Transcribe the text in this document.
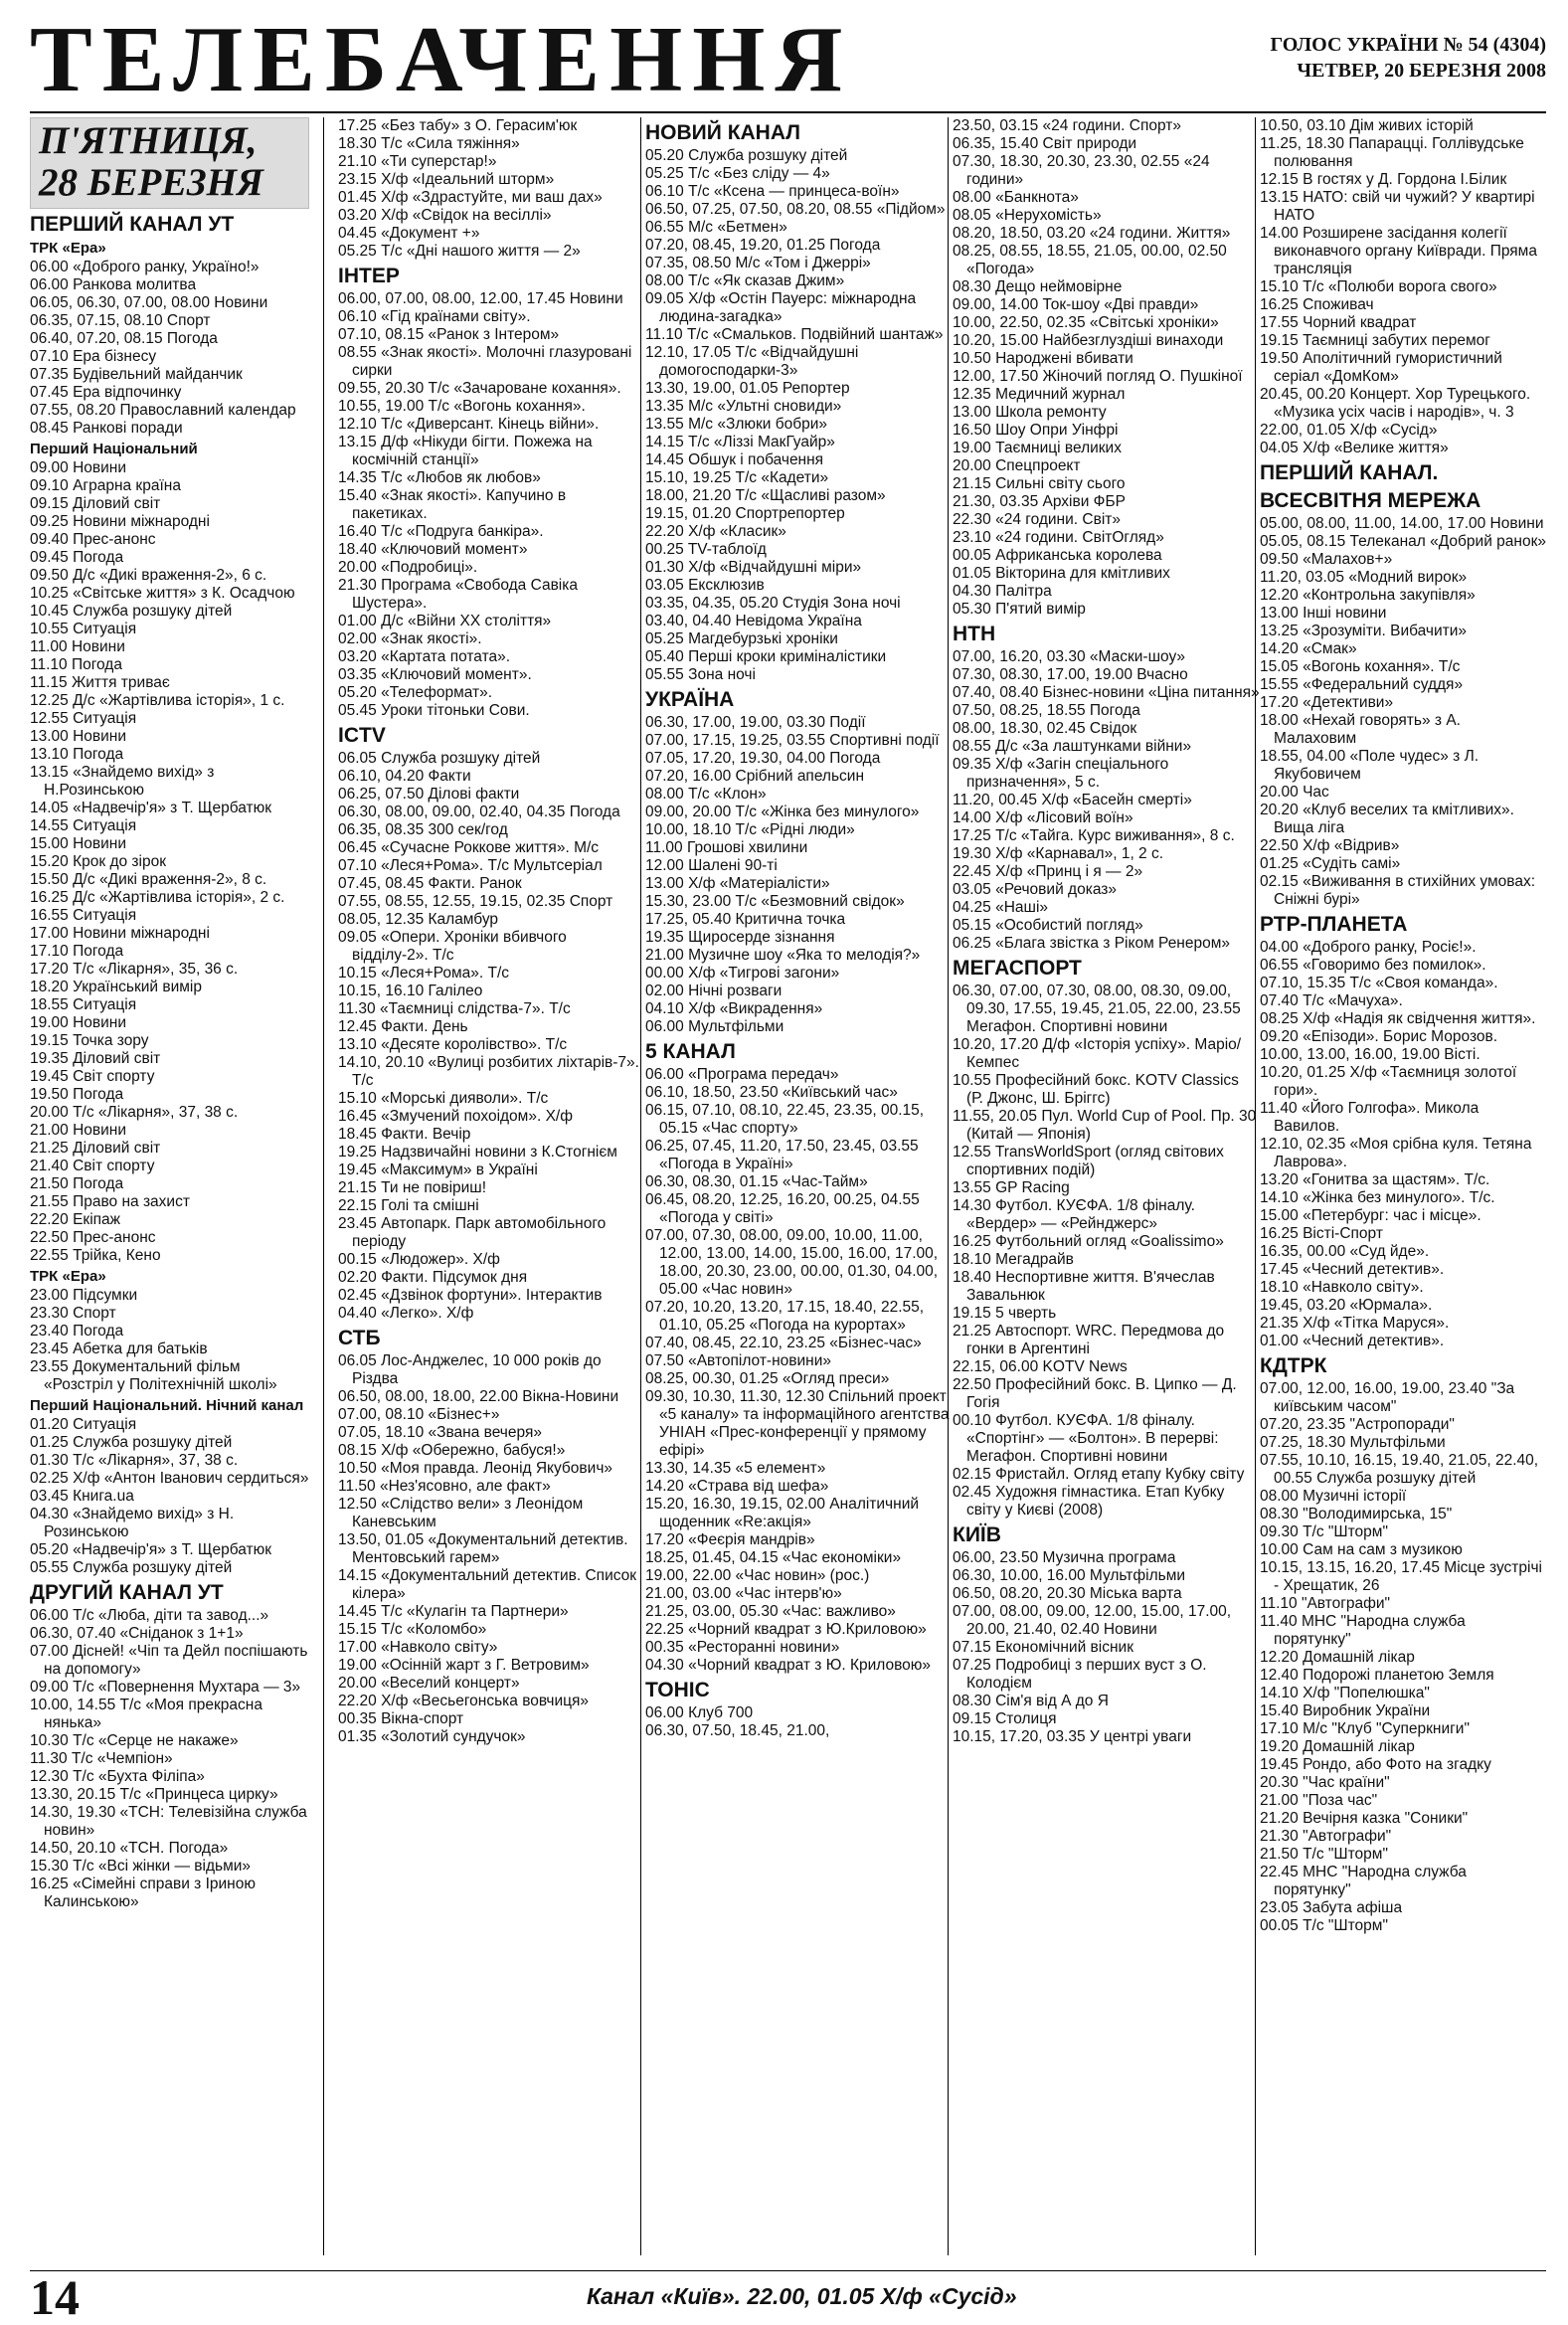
ТЕЛЕБАЧЕННЯ	ГОЛОС УКРАЇНИ № 54 (4304)
ЧЕТВЕР, 20 БЕРЕЗНЯ 2008
П'ЯТНИЦЯ, 28 БЕРЕЗНЯ
ПЕРШИЙ КАНАЛ УТ
ТРК «Ера»
06.00 «Доброго ранку, Україно!»
06.00 Ранкова молитва
06.05, 06.30, 07.00, 08.00 Новини
06.35, 07.15, 08.10 Спорт
06.40, 07.20, 08.15 Погода
07.10 Ера бізнесу
07.35 Будівельний майданчик
07.45 Ера відпочинку
07.55, 08.20 Православний календар
08.45 Ранкові поради
Перший Національний
09.00 Новини
09.10 Аграрна країна
09.15 Діловий світ
09.25 Новини міжнародні
09.40 Прес-анонс
09.45 Погода
09.50 Д/с «Дикі враження-2», 6 с.
10.25 «Світське життя» з К. Осадчою
10.45 Служба розшуку дітей
10.55 Ситуація
11.00 Новини
11.10 Погода
11.15 Життя триває
12.25 Д/с «Жартівлива історія», 1 с.
12.55 Ситуація
13.00 Новини
13.10 Погода
13.15 «Знайдемо вихід» з Н.Розинською
14.05 «Надвечір'я» з Т. Щербатюк
14.55 Ситуація
15.00 Новини
15.20 Крок до зірок
15.50 Д/с «Дикі враження-2», 8 с.
16.25 Д/с «Жартівлива історія», 2 с.
16.55 Ситуація
17.00 Новини міжнародні
17.10 Погода
17.20 Т/с «Лікарня», 35, 36 с.
18.20 Український вимір
18.55 Ситуація
19.00 Новини
19.15 Точка зору
19.35 Діловий світ
19.45 Світ спорту
19.50 Погода
20.00 Т/с «Лікарня», 37, 38 с.
21.00 Новини
21.25 Діловий світ
21.40 Світ спорту
21.50 Погода
21.55 Право на захист
22.20 Екіпаж
22.50 Прес-анонс
22.55 Трійка, Кено
ТРК «Ера»
23.00 Підсумки
23.30 Спорт
23.40 Погода
23.45 Абетка для батьків
23.55 Документальний фільм «Розстріл у Політехнічній школі»
Перший Національний. Нічний канал
01.20 Ситуація
01.25 Служба розшуку дітей
01.30 Т/с «Лікарня», 37, 38 с.
02.25 Х/ф «Антон Іванович сердиться»
03.45 Книга.ua
04.30 «Знайдемо вихід» з Н. Розинською
05.20 «Надвечір'я» з Т. Щербатюк
05.55 Служба розшуку дітей
ДРУГИЙ КАНАЛ УТ
06.00 Т/с «Люба, діти та завод...»
06.30, 07.40 «Сніданок з 1+1»
07.00 Дісней! «Чіп та Дейл поспішають на допомогу»
09.00 Т/с «Повернення Мухтара — 3»
10.00, 14.55 Т/с «Моя прекрасна нянька»
10.30 Т/с «Серце не накаже»
11.30 Т/с «Чемпіон»
12.30 Т/с «Бухта Філіпа»
13.30, 20.15 Т/с «Принцеса цирку»
14.30, 19.30 «ТСН: Телевізійна служба новин»
14.50, 20.10 «ТСН. Погода»
15.30 Т/с «Всі жінки — відьми»
16.25 «Сімейні справи з Іриною Калинською»
17.25 «Без табу» з О. Герасим'юк
18.30 Т/с «Сила тяжіння»
21.10 «Ти суперстар!»
23.15 Х/ф «Ідеальний шторм»
01.45 Х/ф «Здрастуйте, ми ваш дах»
03.20 Х/ф «Свідок на весіллі»
04.45 «Документ +»
05.25 Т/с «Дні нашого життя — 2»
ІНТЕР
06.00, 07.00, 08.00, 12.00, 17.45 Новини
06.10 «Гід країнами світу».
07.10, 08.15 «Ранок з Інтером»
08.55 «Знак якості». Молочні глазуровані сирки
09.55, 20.30 Т/с «Зачароване кохання».
10.55, 19.00 Т/с «Вогонь кохання».
12.10 Т/с «Диверсант. Кінець війни».
13.15 Д/ф «Нікуди бігти. Пожежа на космічній станції»
14.35 Т/с «Любов як любов»
15.40 «Знак якості». Капучино в пакетиках.
16.40 Т/с «Подруга банкіра».
18.40 «Ключовий момент»
20.00 «Подробиці».
21.30 Програма «Свобода Савіка Шустера».
01.00 Д/с «Війни ХХ століття»
02.00 «Знак якості».
03.20 «Картата потата».
03.35 «Ключовий момент».
05.20 «Телеформат».
05.45 Уроки тітоньки Сови.
ICTV
06.05 Служба розшуку дітей
06.10, 04.20 Факти
06.25, 07.50 Ділові факти
06.30, 08.00, 09.00, 02.40, 04.35 Погода
06.35, 08.35 300 сек/год
06.45 «Сучасне Роккове життя». М/с
07.10 «Леся+Рома». Т/с Мультсеріал
07.45, 08.45 Факти. Ранок
07.55, 08.55, 12.55, 19.15, 02.35 Спорт
08.05, 12.35 Каламбур
09.05 «Опери. Хроніки вбивчого відділу-2». Т/с
10.15 «Леся+Рома». Т/с
10.15, 16.10 Галілео
11.30 «Таємниці слідства-7». Т/с
12.45 Факти. День
13.10 «Десяте королівство». Т/с
14.10, 20.10 «Вулиці розбитих ліхтарів-7». Т/с
15.10 «Морські дияволи». Т/с
16.45 «Змучений похоідом». Х/ф
18.45 Факти. Вечір
19.25 Надзвичайні новини з К.Стогнієм
19.45 «Максимум» в Україні
21.15 Ти не повіриш!
22.15 Голі та смішні
23.45 Автопарк. Парк автомобільного періоду
00.15 «Людожер». Х/ф
02.20 Факти. Підсумок дня
02.45 «Дзвінок фортуни». Інтерактив
04.40 «Легко». Х/ф
СТБ
06.05 Лос-Анджелес, 10 000 років до Різдва
06.50, 08.00, 18.00, 22.00 Вікна-Новини
07.00, 08.10 «Бізнес+»
07.05, 18.10 «Звана вечеря»
08.15 Х/ф «Обережно, бабуся!»
10.50 «Моя правда. Леонід Якубович»
11.50 «Нез'ясовно, але факт»
12.50 «Слідство вели» з Леонідом Каневським
13.50, 01.05 «Документальний детектив. Ментовський гарем»
14.15 «Документальний детектив. Список кілера»
14.45 Т/с «Кулагін та Партнери»
15.15 Т/с «Коломбо»
17.00 «Навколо світу»
19.00 «Осінній жарт з Г. Ветровим»
20.00 «Веселий концерт»
22.20 Х/ф «Весьегонська вовчиця»
00.35 Вікна-спорт
01.35 «Золотий сундучок»
НОВИЙ КАНАЛ
05.20 Служба розшуку дітей
05.25 Т/с «Без сліду — 4»
06.10 Т/с «Ксена — принцеса-воїн»
06.50, 07.25, 07.50, 08.20, 08.55 «Підйом»
06.55 М/с «Бетмен»
07.20, 08.45, 19.20, 01.25 Погода
07.35, 08.50 М/с «Том і Джеррі»
08.00 Т/с «Як сказав Джим»
09.05 Х/ф «Остін Пауерс: міжнародна людина-загадка»
11.10 Т/с «Смальков. Подвійний шантаж»
12.10, 17.05 Т/с «Відчайдушні домогосподарки-3»
13.30, 19.00, 01.05 Репортер
13.35 М/с «Ультні сновиди»
13.55 М/с «Злюки бобри»
14.15 Т/с «Ліззі МакГуайр»
14.45 Обшук і побачення
15.10, 19.25 Т/с «Кадети»
18.00, 21.20 Т/с «Щасливі разом»
19.15, 01.20 Спортрепортер
22.20 Х/ф «Класик»
00.25 TV-таблоїд
01.30 Х/ф «Відчайдушні міри»
03.05 Ексклюзив
03.35, 04.35, 05.20 Студія Зона ночі
03.40, 04.40 Невідома Україна
05.25 Магдебурзькі хроніки
05.40 Перші кроки криміналістики
05.55 Зона ночі
УКРАЇНА
06.30, 17.00, 19.00, 03.30 Події
07.00, 17.15, 19.25, 03.55 Спортивні події
07.05, 17.20, 19.30, 04.00 Погода
07.20, 16.00 Срібний апельсин
08.00 Т/с «Клон»
09.00, 20.00 Т/с «Жінка без минулого»
10.00, 18.10 Т/с «Рідні люди»
11.00 Грошові хвилини
12.00 Шалені 90-ті
13.00 Х/ф «Матеріалісти»
15.30, 23.00 Т/с «Безмовний свідок»
17.25, 05.40 Критична точка
19.35 Щиросерде зізнання
21.00 Музичне шоу «Яка то мелодія?»
00.00 Х/ф «Тигрові загони»
02.00 Нічні розваги
04.10 Х/ф «Викрадення»
06.00 Мультфільми
5 КАНАЛ
06.00 «Програма передач»
06.10, 18.50, 23.50 «Київський час»
06.15, 07.10, 08.10, 22.45, 23.35, 00.15, 05.15 «Час спорту»
06.25, 07.45, 11.20, 17.50, 23.45, 03.55 «Погода в Україні»
06.30, 08.30, 01.15 «Час-Тайм»
06.45, 08.20, 12.25, 16.20, 00.25, 04.55 «Погода у світі»
07.00, 07.30, 08.00, 09.00, 10.00, 11.00, 12.00, 13.00, 14.00, 15.00, 16.00, 17.00, 18.00, 20.30, 23.00, 00.00, 01.30, 04.00, 05.00 «Час новин»
07.20, 10.20, 13.20, 17.15, 18.40, 22.55, 01.10, 05.25 «Погода на курортах»
07.40, 08.45, 22.10, 23.25 «Бізнес-час»
07.50 «Автопілот-новини»
08.25, 00.30, 01.25 «Огляд преси»
09.30, 10.30, 11.30, 12.30 Спільний проект «5 каналу» та інформаційного агентства УНІАН «Прес-конференції у прямому ефірі»
13.30, 14.35 «5 елемент»
14.20 «Страва від шефа»
15.20, 16.30, 19.15, 02.00 Аналітичний щоденник «Re:акція»
17.20 «Феєрія мандрів»
18.25, 01.45, 04.15 «Час економіки»
19.00, 22.00 «Час новин» (рос.)
21.00, 03.00 «Час інтерв'ю»
21.25, 03.00, 05.30 «Час: важливо»
22.25 «Чорний квадрат з Ю.Криловою»
00.35 «Ресторанні новини»
04.30 «Чорний квадрат з Ю. Криловою»
ТОНІС
06.00 Клуб 700
06.30, 07.50, 18.45, 21.00,
23.50, 03.15 «24 години. Спорт»
06.35, 15.40 Світ природи
07.30, 18.30, 20.30, 23.30, 02.55 «24 години»
08.00 «Банкнота»
08.05 «Нерухомість»
08.20, 18.50, 03.20 «24 години. Життя»
08.25, 08.55, 18.55, 21.05, 00.00, 02.50 «Погода»
08.30 Дещо неймовірне
09.00, 14.00 Ток-шоу «Дві правди»
10.00, 22.50, 02.35 «Світські хроніки»
10.20, 15.00 Найбезглуздіші винаходи
10.50 Народжені вбивати
12.00, 17.50 Жіночий погляд О. Пушкіної
12.35 Медичний журнал
13.00 Школа ремонту
16.50 Шоу Опри Уінфрі
19.00 Таємниці великих
20.00 Спецпроект
21.15 Сильні світу сього
21.30, 03.35 Архіви ФБР
22.30 «24 години. Світ»
23.10 «24 години. СвітОгляд»
00.05 Африканська королева
01.05 Вікторина для кмітливих
04.30 Палітра
05.30 П'ятий вимір
НТН
07.00, 16.20, 03.30 «Маски-шоу»
07.30, 08.30, 17.00, 19.00 Вчасно
07.40, 08.40 Бізнес-новини «Ціна питання»
07.50, 08.25, 18.55 Погода
08.00, 18.30, 02.45 Свідок
08.55 Д/с «За лаштунками війни»
09.35 Х/ф «Загін спеціального призначення», 5 с.
11.20, 00.45 Х/ф «Басейн смерті»
14.00 Х/ф «Лісовий воїн»
17.25 Т/с «Тайга. Курс виживання», 8 с.
19.30 Х/ф «Карнавал», 1, 2 с.
22.45 Х/ф «Принц і я — 2»
03.05 «Речовий доказ»
04.25 «Наші»
05.15 «Особистий погляд»
06.25 «Блага звістка з Ріком Ренером»
МЕГАСПОРТ
06.30, 07.00, 07.30, 08.00, 08.30, 09.00, 09.30, 17.55, 19.45, 21.05, 22.00, 23.55 Мегафон. Спортивні новини
10.20, 17.20 Д/ф «Історія успіху». Маріо/Кемпес
10.55 Професійний бокс. KOTV Classics (Р. Джонс, Ш. Бріггс)
11.55, 20.05 Пул. World Cup of Pool. Пр. 30 (Китай — Японія)
12.55 TransWorldSport (огляд світових спортивних подій)
13.55 GP Racing
14.30 Футбол. КУЄФА. 1/8 фіналу. «Вердер» — «Рейнджерс»
16.25 Футбольний огляд «Goalissimo»
18.10 Мегадрайв
18.40 Неспортивне життя. В'ячеслав Завальнюк
19.15 5 чверть
21.25 Автоспорт. WRC. Передмова до гонки в Аргентині
22.15, 06.00 KOTV News
22.50 Професійний бокс. В. Ципко — Д. Гогія
00.10 Футбол. КУЄФА. 1/8 фіналу. «Спортінг» — «Болтон». В перерві: Мегафон. Спортивні новини
02.15 Фристайл. Огляд етапу Кубку світу
02.45 Художня гімнастика. Етап Кубку світу у Києві (2008)
КИЇВ
06.00, 23.50 Музична програма
06.30, 10.00, 16.00 Мультфільми
06.50, 08.20, 20.30 Міська варта
07.00, 08.00, 09.00, 12.00, 15.00, 17.00, 20.00, 21.40, 02.40 Новини
07.15 Економічний вісник
07.25 Подробиці з перших вуст з О. Колодієм
08.30 Сім'я від А до Я
09.15 Столиця
10.15, 17.20, 03.35 У центрі уваги
10.50, 03.10 Дім живих історій
11.25, 18.30 Папарацці. Голлівудське полювання
12.15 В гостях у Д. Гордона І.Білик
13.15 НАТО: свій чи чужий? У квартирі НАТО
14.00 Розширене засідання колегії виконавчого органу Київради. Пряма трансляція
15.10 Т/с «Полюби ворога свого»
16.25 Споживач
17.55 Чорний квадрат
19.15 Таємниці забутих перемог
19.50 Аполітичний гумористичний серіал «ДомКом»
20.45, 00.20 Концерт. Хор Турецького. «Музика усіх часів і народів», ч. 3
22.00, 01.05 Х/ф «Сусід»
04.05 Х/ф «Велике життя»
ПЕРШИЙ КАНАЛ.
ВСЕСВІТНЯ МЕРЕЖА
05.00, 08.00, 11.00, 14.00, 17.00 Новини
05.05, 08.15 Телеканал «Добрий ранок»
09.50 «Малахов+»
11.20, 03.05 «Модний вирок»
12.20 «Контрольна закупівля»
13.00 Інші новини
13.25 «Зрозуміти. Вибачити»
14.20 «Смак»
15.05 «Вогонь кохання». Т/с
15.55 «Федеральний суддя»
17.20 «Детективи»
18.00 «Нехай говорять» з А. Малаховим
18.55, 04.00 «Поле чудес» з Л. Якубовичем
20.00 Час
20.20 «Клуб веселих та кмітливих». Вища ліга
22.50 Х/ф «Відрив»
01.25 «Судіть самі»
02.15 «Виживання в стихійних умовах: Сніжні бурі»
РТР-ПЛАНЕТА
04.00 «Доброго ранку, Росіє!».
06.55 «Говоримо без помилок».
07.10, 15.35 Т/с «Своя команда».
07.40 Т/с «Мачуха».
08.25 Х/ф «Надія як свідчення життя».
09.20 «Епізоди». Борис Морозов.
10.00, 13.00, 16.00, 19.00 Вісті.
10.20, 01.25 Х/ф «Таємниця золотої гори».
11.40 «Його Голгофа». Микола Вавилов.
12.10, 02.35 «Моя срібна куля. Тетяна Лаврова».
13.20 «Гонитва за щастям». Т/с.
14.10 «Жінка без минулого». Т/с.
15.00 «Петербург: час і місце».
16.25 Вісті-Спорт
16.35, 00.00 «Суд йде».
17.45 «Чесний детектив».
18.10 «Навколо світу».
19.45, 03.20 «Юрмала».
21.35 Х/ф «Тітка Маруся».
01.00 «Чесний детектив».
КДТРК
07.00, 12.00, 16.00, 19.00, 23.40 "За київським часом"
07.20, 23.35 "Астропоради"
07.25, 18.30 Мультфільми
07.55, 10.10, 16.15, 19.40, 21.05, 22.40, 00.55 Служба розшуку дітей
08.00 Музичні історії
08.30 "Володимирська, 15"
09.30 Т/с "Шторм"
10.00 Сам на сам з музикою
10.15, 13.15, 16.20, 17.45 Місце зустрічі - Хрещатик, 26
11.10 "Автографи"
11.40 МНС "Народна служба порятунку"
12.20 Домашній лікар
12.40 Подорожі планетою Земля
14.10 Х/ф "Попелюшка"
15.40 Виробник України
17.10 М/с "Клуб "Суперкниги"
19.20 Домашній лікар
19.45 Рондо, або Фото на згадку
20.30 "Час країни"
21.00 "Поза час"
21.20 Вечірня казка "Соники"
21.30 "Автографи"
21.50 Т/с "Шторм"
22.45 МНС "Народна служба порятунку"
23.05 Забута афіша
00.05 Т/с "Шторм"
14	Канал «Київ». 22.00, 01.05 Х/ф «Сусід»
